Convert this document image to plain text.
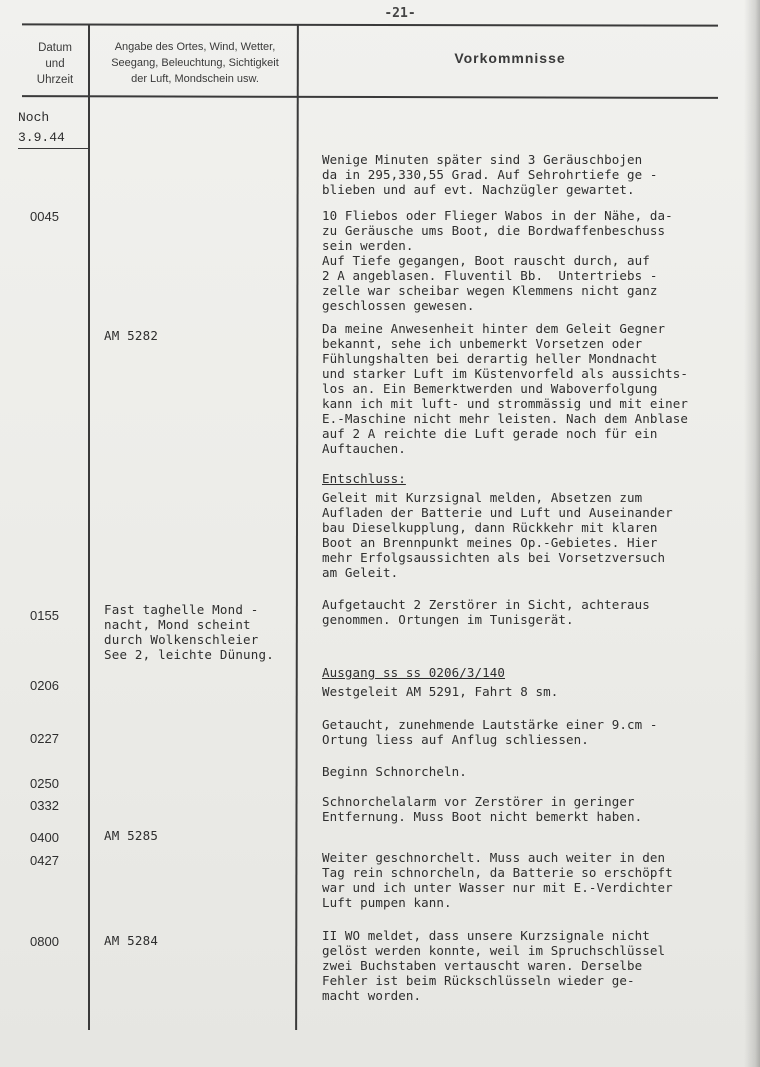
-21-
Datum
und
Uhrzeit
Angabe des Ortes, Wind, Wetter,
Seegang, Beleuchtung, Sichtigkeit
der Luft, Mondschein usw.
Vorkommnisse
Noch
3.9.44
0045
0155
0206
0227
0250
0332
0400
0427
0800
AM 5282
Fast taghelle Mond -
nacht, Mond scheint
durch Wolkenschleier
See 2, leichte Dünung.
AM 5285
AM 5284
Wenige Minuten später sind 3 Geräuschbojen
da in 295,330,55 Grad. Auf Sehrohrtiefe ge -
blieben und auf evt. Nachzügler gewartet.
10 Fliebos oder Flieger Wabos in der Nähe, da-
zu Geräusche ums Boot, die Bordwaffenbeschuss
sein werden.
Auf Tiefe gegangen, Boot rauscht durch, auf
2 A angeblasen. Fluventil Bb.  Untertriebs -
zelle war scheibar wegen Klemmens nicht ganz
geschlossen gewesen.
Da meine Anwesenheit hinter dem Geleit Gegner
bekannt, sehe ich unbemerkt Vorsetzen oder
Fühlungshalten bei derartig heller Mondnacht
und starker Luft im Küstenvorfeld als aussichts-
los an. Ein Bemerktwerden und Waboverfolgung
kann ich mit luft- und strommässig und mit einer
E.-Maschine nicht mehr leisten. Nach dem Anblase
auf 2 A reichte die Luft gerade noch für ein
Auftauchen.
Entschluss:
Geleit mit Kurzsignal melden, Absetzen zum
Aufladen der Batterie und Luft und Auseinander
bau Dieselkupplung, dann Rückkehr mit klaren
Boot an Brennpunkt meines Op.-Gebietes. Hier
mehr Erfolgsaussichten als bei Vorsetzversuch
am Geleit.
Aufgetaucht 2 Zerstörer in Sicht, achteraus
genommen. Ortungen im Tunisgerät.
Ausgang ss ss 0206/3/140
Westgeleit AM 5291, Fahrt 8 sm.
Getaucht, zunehmende Lautstärke einer 9.cm -
Ortung liess auf Anflug schliessen.
Beginn Schnorcheln.
Schnorchelalarm vor Zerstörer in geringer
Entfernung. Muss Boot nicht bemerkt haben.
Weiter geschnorchelt. Muss auch weiter in den
Tag rein schnorcheln, da Batterie so erschöpft
war und ich unter Wasser nur mit E.-Verdichter
Luft pumpen kann.
II WO meldet, dass unsere Kurzsignale nicht
gelöst werden konnte, weil im Spruchschlüssel
zwei Buchstaben vertauscht waren. Derselbe
Fehler ist beim Rückschlüsseln wieder ge-
macht worden.
